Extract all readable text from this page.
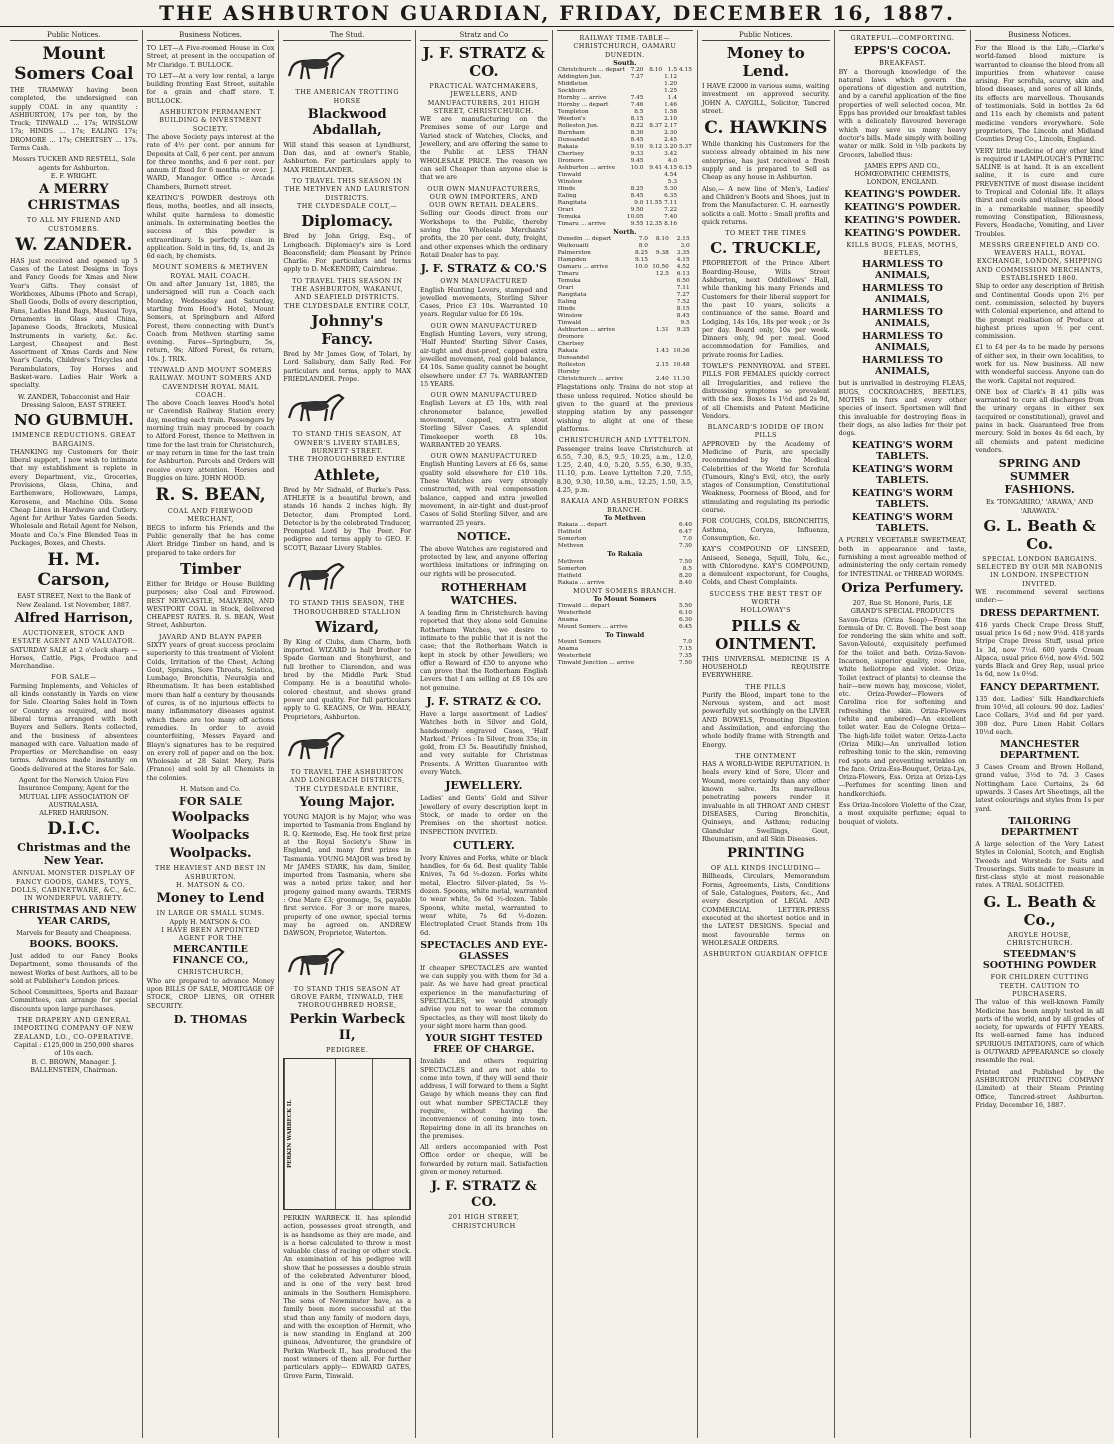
THE ASHBURTON GUARDIAN, FRIDAY, DECEMBER 16, 1887.
Public Notices.
Mount Somers Coal

THE TRAMWAY having been completed, the undersigned can supply COAL in any quantity : ASHBURTON, 17s per ton, by the Truck; TINWALD ... 17s; WINSLOW 17s; HINDS ... 17s; EALING 17s; DROMORE ... 17s; CHERTSEY ... 17s. Terms Cash.

Messrs TUCKER AND RESTELL, Sole agents for Ashburton.
E. F. WRIGHT.
A MERRY CHRISTMAS
TO ALL MY FRIEND AND CUSTOMERS.
W. ZANDER.

HAS just received and opened up 5 Cases of the Latest Designs in Toys and Fancy Goods for Xmas and New Year's Gifts. They consist of Workboxes, Albums (Photo and Scrap), Shell Goods, Dolls of every description, Fans, Ladies Hand Bags, Musical Toys, Ornaments in Glass and China, Japanese Goods, Brackets, Musical Instruments in variety, &c. &c. Largest, Cheapest and Best Assortment of Xmas Cards and New Year's Cards, Children's Tricycles and Perambulators, Toy Horses and Basket-ware. Ladies Hair Work a specialty.

W. ZANDER, Tobacconist and Hair Dressing Saloon, EAST STREET.
NO GUBMUH.
IMMENCE REDUCTIONS. GREAT BARGAINS.

THANKING my Customers for their liberal support, I now wish to intimate that my establishment is replete in every Department, viz., Groceries, Provisions, Glass, China, and Earthenware, Hollowware, Lamps, Kerosene, and Machine Oils. Some Cheap Lines in Hardware and Cutlery. Agent for Arthur Yates Garden Seeds. Wholesale and Retail Agent for Nelson, Moate and Co.'s Fine Blended Teas in Packages, Boxes, and Chests.

H. M. Carson,
EAST STREET, Next to the Bank of New Zealand. 1st November, 1887.
Alfred Harrison,
AUCTIONEER, STOCK AND ESTATE AGENT AND VALUATOR.

SATURDAY SALE at 2 o'clock sharp — Horses, Cattle, Pigs, Produce and Merchandise.

FOR SALE—

Farming Implements, and Vehicles of all kinds constantly in Yards on view for Sale. Clearing Sales held in Town or Country as required, and most liberal terms arranged with both Buyers and Sellers. Rents collected, and the business of absentees managed with care. Valuation made of Properties or Merchandise on easy terms. Advances made instantly on Goods delivered at the Stores for Sale.

Agent for the Norwich Union Fire Insurance Company, Agent for the MUTUAL LIFE ASSOCIATION OF AUSTRALASIA.
ALFRED HARRISON.
D.I.C.
Christmas and the New Year.
ANNUAL MONSTER DISPLAY OF FANCY GOODS, GAMES, TOYS, DOLLS, CABINETWARE, &C., &C. IN WONDERFUL VARIETY.
CHRISTMAS AND NEW YEAR CARDS,
Marvels for Beauty and Cheapness.
BOOKS. BOOKS.

Just added to our Fancy Books Department, some thousands of the newest Works of best Authors, all to be sold at Publisher's London prices.

School Committees, Sports and Bazaar Committees, can arrange for special discounts upon large purchases.

THE DRAPERY AND GENERAL IMPORTING COMPANY OF NEW ZEALAND, LO., CO-OPERATIVE.
Capital : £125,000 in 250,000 shares of 10s each.
B. C. BROWN, Manager. J. BALLENSTEIN, Chairman.
Business Notices.

TO LET—A Five-roomed House in Cox Street, at present in the occupation of Mr Claridge. T. BULLOCK.

TO LET—At a very low rental, a large building fronting East Street, suitable for a grain and chaff store. T. BULLOCK.

ASHBURTON PERMANENT BUILDING & INVESTMENT SOCIETY.

The above Society pays interest at the rate of 4½ per cent. per annum for Deposits at Call, 6 per cent. per annum for three months, and 6 per cent. per annum if fixed for 6 months or over. J. WARD, Manager. Office :– Arcade Chambers, Burnett street.

KEATING'S POWDER destroys oth fleas, moths, beetles, and all insects, whilst quite harmless to domestic animals. In exterminating beetles the success of this powder is extraordinary. Is perfectly clean in application. Sold in tins, 6d, 1s, and 2s 6d each, by chemists.

MOUNT SOMERS & METHVEN ROYAL MAIL COACH.

On and after January 1st, 1885, the undersigned will run a Coach each Monday, Wednesday and Saturday, starting from Hood's Hotel, Mount Somers, at Springburn and Alford Forest, there connecting with Dunt's Coach from Methven starting same evening. Fares—Springburn, 5s, return, 9s; Alford Forest, 6s return, 10s. J. TRIX.

TINWALD AND MOUNT SOMERS RAILWAY. MOUNT SOMERS AND CAVENDISH ROYAL MAIL COACH.

The above Coach leaves Hood's hotel or Cavendish Railway Station every day, meeting each train. Passengers by morning train may proceed by coach to Alford Forest, thence to Methven in time for the last train for Christchurch, or may return in time for the last train for Ashburton. Parcels and Orders will receive every attention. Horses and Buggies on hire. JOHN HOOD.

R. S. BEAN,
COAL AND FIREWOOD MERCHANT,

BEGS to inform his Friends and the Public generally that he has come Alert Bridge Timber on hand, and is prepared to take orders for

Timber

Either for Bridge or House Building purposes; also Coal and Firewood. BEST NEWCASTLE, MALVERN, AND WESTPORT COAL in Stock, delivered CHEAPEST RATES. R. S. BEAN, West Street, Ashburton.

JAVARD AND BLAYN PAPER

SIXTY years of great success proclaim superiority to this treatment of Violent Colds, Irritation of the Chest, Aching Gout, Sprains, Sore Throats, Sciatica, Lumbago, Bronchitis, Neuralgia and Rheumatism. It has been established more than half a century by thousands of cures, is of no injurious effects to many inflammatory diseases against which there are too many off actions remedies. In order to avoid counterfeiting, Messrs Fayard and Blayn's signatures has to be required on every roll of paper and on the box. Wholesale at 28 Saint Mery, Paris (France) and sold by all Chemists in the colonies.

H. Matson and Co.
FOR SALE
Woolpacks
Woolpacks
Woolpacks.
THE HEAVIEST AND BEST IN ASHBURTON.
H. MATSON & CO.
Money to Lend
IN LARGE OR SMALL SUMS.
Apply H. MATSON & CO.
I HAVE BEEN APPOINTED AGENT FOR THE
MERCANTILE FINANCE CO.,
CHRISTCHURCH,

Who are prepared to advance Money upon BILLS OF SALE, MORTGAGE OF STOCK, CROP LIENS, OR OTHER SECURITY.

D. THOMAS
The Stud.
THE AMERICAN TROTTING HORSE
Blackwood Abdallah,

Will stand this season at Lyndhurst, Dan das, and at owner's Stable, Ashburton. For particulars apply to MAX FRIEDLANDER.

TO TRAVEL THIS SEASON IN THE METHVEN AND LAURISTON DISTRICTS.
THE CLYDESDALE COLT,—
Diplomacy.

Bred by John Grigg, Esq., of Longbeach. Diplomacy's sire is Lord Beaconsfield; dam Pleasant by Prince Charlie. For particulars and terms apply to D. McKENDRY, Cairnbrae.

TO TRAVEL THIS SEASON IN THE ASHBURTON, WAKANUI, AND SEAFIELD DISTRICTS.
THE CLYDESDALE ENTIRE COLT,
Johnny's Fancy.

Bred by Mr James Gow, of Tolari, by Lord Salisbury, dam Sally Red. For particulars and terms, apply to MAX FRIEDLANDER. Prope.

TO STAND THIS SEASON, AT OWNER'S LIVERY STABLES, BURNETT STREET.
THE THOROUGHBRED ENTIRE
Athlete,

Bred by Mr Sidnald, of Burke's Pass. ATHLETE is a beautiful brown, and stands 16 hands 2 inches high. By Detector, dam Prompted Lord. Detector is by the celebrated Traducer, Prompted Lord by The Peer. For pedigree and terms apply to GEO. F. SCOTT, Bazaar Livery Stables.

TO STAND THIS SEASON, THE THOROUGHBRED STALLION
Wizard,

By King of Clubs, dam Charm, both imported. WIZARD is half brother to Spade Gorman and Stonyhurst, and full brother to Clarendon, and was bred by the Middle Park Stud Company. He is a beautiful whole-colored chestnut, and shows grand power and quality. For full particulars apply to G. KEAGNS, Or Wm. HEALY, Proprietors, Ashburton.

TO TRAVEL THE ASHBURTON AND LONGBEACH DISTRICTS, THE CLYDESDALE ENTIRE,
Young Major.

YOUNG MAJOR is by Major, who was imported to Tasmania from England by R. Q. Kermode, Esq. He took first prize at the Royal Society's Show in England, and many first prizes in Tasmania. YOUNG MAJOR was bred by Mr JAMES STARK, his dam, Smiler, imported from Tasmania, where she was a noted prize taker, and her progeny gained many awards. TERMS : One Mare £3; groomage, 5s, payable first service. For 3 or more mares, property of one owner, special terms may be agreed on. ANDREW DAWSON, Proprietor, Waterton.

TO STAND THIS SEASON AT GROVE FARM, TINWALD, THE THOROUGHBRED HORSE,
Perkin Warbeck II,
PEDIGREE.
PERKIN WARBECK II.

PERKIN WARBECK II. has splendid action, possesses great strength, and is as handsome as they are made, and is a horse calculated to throw a most valuable class of racing or other stock. An examination of his pedigree will show that he possesses a double strain of the celebrated Adventurer blood, and is one of the very best bred animals in the Southern Hemisphere. The sons of Newminster have, as a family been more successful at the stud than any family of modern days, and with the exception of Hermit, who is now standing in England at 200 guineas, Adventurer, the grandsire of Perkin Warbeck II., has produced the most winners of them all. For further particulars apply— EDWARD GATES, Grove Farm, Tinwald.

Stratz and Co
J. F. STRATZ & CO.
PRACTICAL WATCHMAKERS, JEWELLERS, AND MANUFACTURERS, 201 HIGH STREET, CHRISTCHURCH.

WE are manufacturing on the Premises some of our Large and Varied stock of Watches, Clocks, and Jewellery, and are offering the same to the Public at LESS THAN WHOLESALE PRICE. The reason we can sell Cheaper than anyone else is that we are

OUR OWN MANUFACTURERS, OUR OWN IMPORTERS, AND OUR OWN RETAIL DEALERS.

Selling our Goods direct from our Workshops to the Public, thereby saving the Wholesale Merchants' profits, the 20 per cent. duty, freight, and other expenses which the ordinary Retail Dealer has to pay.

J. F. STRATZ & CO.'S
OWN MANUFACTURED

English Hunting Levers, stamped and jewelled movements, Sterling Silver Cases, Price £3 10s. Warranted 10 years. Regular value for £6 10s.

OUR OWN MANUFACTURED

English Hunting Levers, very strong, 'Half Hunted' Sterling Silver Cases, air-tight and dust-proof, capped extra jewelled movement, real gold balance, £4 10s. Same quality cannot be bought elsewhere under £7 7s. WARRANTED 15 YEARS.

OUR OWN MANUFACTURED

English Levers at £5 10s, with real chronometer balance, jewelled movement, capped, extra stout Sterling Silver Cases. A splendid Timekeeper worth £8 10s. WARRANTED 20 YEARS.

OUR OWN MANUFACTURED

English Hunting Levers at £6 6s, same quality sold elsewhere for £10 10s. These Watches are very strongly constructed, with real compensation balance, capped and extra jewelled movement, in air-tight and dust-proof Cases of Solid Sterling Silver, and are warranted 25 years.

NOTICE.

The above Watches are registered and protected by law, and anyone offering worthless imitations or infringing on our rights will be prosecuted.

ROTHERHAM WATCHES.

A leading firm in Christchurch having reported that they alone sold Genuine Rotherham Watches, we desire to intimate to the public that it is not the case; that the Rotherham Watch is kept in stock by other Jewellers; we offer a Reward of £50 to anyone who can prove that the Rotherham English Levers that I am selling at £8 10s are not genuine.

J. F. STRATZ & CO.

Have a large assortment of Ladies' Watches both in Silver and Gold, handsomely engraved Cases, 'Half Marked.' Prices : In Silver, from 35s; in gold, from £3 5s. Beautifully finished, and very suitable for Christmas Presents. A Written Guarantee with every Watch.

JEWELLERY.

Ladies' and Gents' Gold and Silver Jewellery of every description kept in Stock, or made to order on the Premises on the shortest notice. INSPECTION INVITED.

CUTLERY.

Ivory Knives and Forks, white or black handles, for 6s 6d. Best quality Table Knives, 7s 6d ½-dozen. Forks white metal, Electro Silver-plated, 5s ½-dozen. Spoons, white metal, warranted to wear white, 5s 6d ½-dozen. Table Spoons, white metal, warranted to wear white, 7s 6d ½-dozen. Electroplated Cruet Stands from 10s 6d.

SPECTACLES AND EYE-GLASSES

If cheaper SPECTACLES are wanted we can supply you with them for 3d a pair. As we have had great practical experience in the manufacturing of SPECTACLES, we would strongly advise you not to wear the common Spectacles, as they will most likely do your sight more harm than good.

YOUR SIGHT TESTED FREE OF CHARGE.

Invalids and others requiring SPECTACLES and are not able to come into town, if they will send their address, I will forward to them a Sight Gauge by which means they can find out what number SPECTACLE they require, without having the inconvenience of coming into town. Repairing done in all its branches on the premises.

All orders accompanied with Post Office order or cheque, will be forwarded by return mail. Satisfaction given or money returned.

J. F. STRATZ & CO.
201 HIGH STREET, CHRISTCHURCH
RAILWAY TIME-TABLE—CHRISTCHURCH, OAMARU DUNEDIN.
South.
Christchurch ... depart	7.20	8.10	1.5	4.15
Addington Jun.	7.27		1.12	
Middleton			1.20	
Sockburn			1.25	
Hornby ... arrive	7.45		1.4	
Hornby ... depart	7.46		1.46	
Templeton	8.5		1.58	
Weedon's	8.15		2.10	
Rolleston Jun.	8.22	8.37	2.17	
Burnham	8.30		2.30	
Dunsandel	8.45		2.45	
Rakaia	9.10	9.12	3.20	5.37
Chertsey	9.33		3.42	
Dromore	9.45		4.0	
Ashburton ... arrive	10.0	9.41	4.15	6.15
Tinwald			4.54	
Winslow			5.3	
Hinds	8.25		5.30	
Ealing	8.45		6.35	
Rangitata	9.0	11.55	7.11	
Orari	9.50		7.22	
Temuka	10.05		7.40	
Timaru ... arrive	9.55	12.35	8.16	
North.
Dunedin ... depart	7.0	8.10	2.15	
Waikouaiti	8.0		3.0	
Palmerston	8.25	9.38	3.35	
Hampden	9.15		4.15	
Oamaru ... arrive	10.0	10.50	4.52	
Timaru		12.5	6.13	
Temuka			6.50	
Orari			7.11	
Rangitata			7.27	
Ealing			7.52	
Hinds			8.15	
Winslow			8.45	
Tinwald			9.5	
Ashburton ... arrive		1.31	9.35	
Dromore				
Chertsey				
Rakaia		1.43	10.36	
Dunsandel				
Rolleston		2.15	10.48	
Hornby				
Christchurch ... arrive		2.40	11.10	

Flagstations only. Trains do not stop at these unless required. Notice should be given to the guard at the previous stopping station by any passenger wishing to alight at one of these platforms.

CHRISTCHURCH AND LYTTELTON.

Passenger trains leave Christchurch at 6.55, 7.30, 8.5, 9.5, 10.25, a.m., 12.0, 1.25, 2.40, 4.0, 5.20, 5.55, 6.30, 9.35, 11.10, p.m. Leave Lyttelton 7.20, 7.55, 8.30, 9.30, 10.50, a.m., 12.25, 1.50, 3.5, 4.25, p.m.

RAKAIA AND ASHBURTON FORKS BRANCH.
To Methven
Rakaia ... depart		6.40
Hatfield		6.47
Somerton		7.0
Methven		7.30
To Rakaia
Methven		7.50
Somerton		8.5
Hatfield		8.20
Rakaia ... arrive		8.40
MOUNT SOMERS BRANCH.
To Mount Somers
Tinwald ... depart		5.50
Westerfield		6.10
Anama		6.30
Mount Somers ... arrive		6.45
To Tinwald
Mount Somers		7.0
Anama		7.15
Westerfield		7.35
Tinwald Junction ... arrive		7.50
Public Notices.
Money to Lend.

I HAVE £2000 in various sums, waiting investment on approved security. JOHN A. CAYGILL, Solicitor, Tancred street.

C. HAWKINS

While thanking his Customers for the success already obtained in his new enterprise, has just received a fresh supply and is prepared to Sell as Cheap as any house in Ashburton.

Also,— A new line of Men's, Ladies' and Children's Boots and Shoes, just in from the Manufacturer. C. H. earnestly solicits a call. Motto : Small profits and quick returns.

TO MEET THE TIMES
C. TRUCKLE,

PROPRIETOR of the Prince Albert Boarding-House, Wills Street Ashburton, next Oddfellows' Hall, while thanking his many Friends and Customers for their liberal support for the past 10 years, solicits a continuance of the same. Board and Lodging, 14s 16s, 18s per week ; or 3s per day. Board only, 10s per week. Dinners only, 9d per meal. Good accommodation for Families, and private rooms for Ladies.

TOWLE'S PENNYROYAL and STEEL PILLS FOR FEMALES quickly correct all Irregularities, and relieve the distressing symptoms so prevalent with the sex. Boxes 1s 1½d and 2s 9d, of all Chemists and Patent Medicine Vendors.

BLANCARD'S IODIDE OF IRON PILLS

APPROVED by the Academy of Medicine of Paris, are specially recommended by the Medical Celebrities of the World for Scrofula (Tumours, King's Evil, etc), the early stages of Consumption, Constitutional Weakness, Poorness of Blood, and for stimulating and regulating its periodic course.

FOR COUGHS, COLDS, BRONCHITIS, Asthma, Coryza, Influenza, Consumption, &c.

KAY'S COMPOUND OF LINSEED, Aniseed, Senega, Squill, Tolu, &c., with Chlorodyne. KAY'S COMPOUND, a demulcent expectorant, for Coughs, Colds, and Chest Complaints.

SUCCESS THE BEST TEST OF WORTH
HOLLOWAY'S
PILLS & OINTMENT.

THIS UNIVERSAL MEDICINE IS A HOUSEHOLD REQUISITE EVERYWHERE.

THE PILLS

Purify the Blood, impart tone to the Nervous system, and act most powerfully yet soothingly on the LIVER AND BOWELS, Promoting Digestion and Assimilation, and enforcing the whole bodily frame with Strength and Energy.

THE OINTMENT

HAS A WORLD-WIDE REPUTATION. It heals every kind of Sore, Ulcer and Wound, more certainly than any other known salve. Its marvellous penetrating powers render it invaluable in all THROAT AND CHEST DISEASES, Curing Bronchitis, Quinseys, and Asthma; reducing Glandular Swellings, Gout, Rheumatism, and all Skin Diseases.

PRINTING
OF ALL KINDS INCLUDING—

Billheads, Circulars, Memorandum Forms, Agreements, Lists, Conditions of Sale, Catalogues, Posters, &c., And every description of LEGAL AND COMMERCIAL LETTER-PRESS executed at the shortest notice and in the LATEST DESIGNS. Special and most favourable terms on WHOLESALE ORDERS.

ASHBURTON GUARDIAN OFFICE
GRATEFUL—COMFORTING.
EPPS'S COCOA.
BREAKFAST.

BY a thorough knowledge of the natural laws which govern the operations of digestion and nutrition, and by a careful application of the fine properties of well selected cocoa, Mr. Epps has provided our breakfast tables with a delicately flavoured beverage which may save us many heavy doctor's bills. Made simply with boiling water or milk. Sold in ½lb packets by Grocers, labelled thus:

JAMES EPPS AND CO., HOMŒOPATHIC CHEMISTS, LONDON, ENGLAND.
KEATING'S POWDER.
KEATING'S POWDER.
KEATING'S POWDER.
KEATING'S POWDER.
KILLS BUGS, FLEAS, MOTHS, BEETLES,
HARMLESS TO ANIMALS,
HARMLESS TO ANIMALS,
HARMLESS TO ANIMALS,
HARMLESS TO ANIMALS,
HARMLESS TO ANIMALS,

but is unrivalled in destroying FLEAS, BUGS, COCKROACHES, BEETLES, MOTHS in furs and every other species of insect. Sportsmen will find this invaluable for destroying fleas in their dogs, as also ladies for their pet dogs.

KEATING'S WORM TABLETS.
KEATING'S WORM TABLETS.
KEATING'S WORM TABLETS.
KEATING'S WORM TABLETS.

A PURELY VEGETABLE SWEETMEAT, both in appearance and taste, furnishing a most agreeable method of administering the only certain remedy for INTESTINAL or THREAD WORMS.

Oriza Perfumery.
207, Rue St. Honoré, Paris, LE GRAND'S SPECIAL PRODUCTS

Savon-Oriza (Oriza Soap)—From the formula of Dr. C. Bovell. The best soap for rendering the skin white and soft. Savon-Velouté, exquisitely perfumed for the toilet and bath. Oriza-Savon-Incarnon, superior quality, rose hue, white heliotrope and violet. Oriza-Toilet (extract of plants) to cleanse the hair—new mown hay, moscose, violet, etc. Oriza-Powder—Flowers of Carolina rice for softening and refreshing the skin. Oriza-Flowers (white and ambered)—An excellent toilet water. Eau de Cologne Oriza—The high-life toilet water. Oriza-Lacto (Oriza Milk)—An unrivalled lotion refreshing tonic to the skin, removing red spots and preventing wrinkles on the face. Oriza-Ess-Bouquet, Oriza-Lys, Oriza-Flowers, Ess. Oriza at Oriza-Lys—Perfumes for scenting linen and handkerchiefs.

Ess Oriza-Incolore Violette of the Czar, a most exquisite perfume; equal to bouquet of violets.

Business Notices.

For the Blood is the Life,—Clarke's world-famed blood mixture is warranted to cleanse the blood from all impurities from whatever cause arising. For scrofula, scurvy, skin and blood diseases, and sores of all kinds, its effects are marvellous. Thousands of testimonials. Sold in bottles 2s 6d and 11s each by chemists and patent medicine vendors everywhere. Sole proprietors, The Lincoln and Midland Counties Drug Co., Lincoln, England.

VERY little medicine of any other kind is required if LAMPLOUGH'S PYRETIC SALINE is at hand. It is an excellent saline, it is cure and cure PREVENTIVE of most disease incident to Tropical and Colonial life. It allays thirst and cools and vitalises the blood in a remarkable manner, speedily removing Constipation, Biliousness, Fevers, Headache, Vomiting, and Liver Troubles.

MESSRS GREENFIELD AND CO. WEAVERS HALL, ROYAL EXCHANGE, LONDON, SHIPPING AND COMMISSION MERCHANTS, ESTABLISHED 1860.

Ship to order any description of British and Continental Goods upon 2½ per cent. commission, selected by buyers with Colonial experience, and attend to the prompt realisation of Produce at highest prices upon ½ per cent. commission.

£1 to £4 per 4s to be made by persons of either sex, in their own localities, to work for us. New business. All new with wonderful success. Anyone can do the work. Capital not required.

ONE box of Clark's B 41 pills was warranted to cure all discharges from the urinary organs in either sex (acquired or constitutional), gravel and pains in back. Guaranteed free from mercury. Sold in boxes 4s 6d each, by all chemists and patent medicine vendors.

SPRING AND SUMMER FASHIONS.
Ex 'TONGARIRO,' 'ARAWA,' AND 'ARAWATA.'
G. L. Beath & Co.
SPECIAL LONDON BARGAINS. SELECTED BY OUR MR NABONIS IN LONDON. INSPECTION INVITED.

WE recommend several sections under:—

DRESS DEPARTMENT.

416 yards Check Crape Dress Stuff, usual price 1s 6d ; now 9½d. 418 yards Stripe Crape Dress Stuff, usual price 1s 3d, now 7½d. 600 yards Cream Alpaca, usual price 6½d, now 4½d. 502 yards Black and Grey Rep, usual price 1s 6d, now 1s 0½d.

FANCY DEPARTMENT.

135 doz. Ladies' Silk Handkerchiefs from 10½d, all colours. 90 doz. Ladies' Lace Collars, 3½d and 6d per yard. 300 doz. Pure Linen Habit Collars 10½d each.

MANCHESTER DEPARTMENT.

3 Cases Cream and Brown Holland, grand value, 3½d to 7d. 3 Cases Nottingham Lace Curtains, 2s 6d upwards. 3 Cases Art Sheetings, all the latest colourings and styles from 1s per yard.

TAILORING DEPARTMENT

A large selection of the Very Latest Styles in Colonial, Scotch, and English Tweeds and Worsteds for Suits and Trouserings. Suits made to measure in first-class style at most reasonable rates. A TRIAL SOLICITED.

G. L. Beath & Co.,
ARGYLE HOUSE, CHRISTCHURCH.
STEEDMAN'S SOOTHING POWDER
FOR CHILDREN CUTTING TEETH. CAUTION TO PURCHASERS.

The value of this well-known Family Medicine has been amply tested in all parts of the world, and by all grades of society, for upwards of FIFTY YEARS. Its well-earned fame has induced SPURIOUS IMITATIONS, care of which is OUTWARD APPEARANCE so closely resemble the real.

Printed and Published by the ASHBURTON PRINTING COMPANY (Limited) at their Steam Printing Office, Tancred-street Ashburton. Friday, December 16, 1887.
